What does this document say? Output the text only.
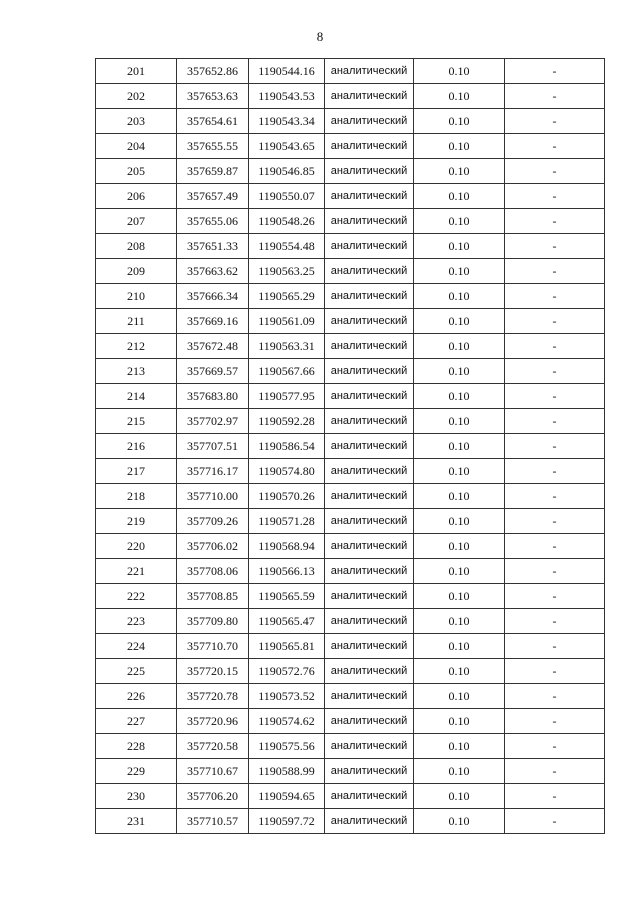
8
201	357652.86	1190544.16	аналитический	0.10	-
202	357653.63	1190543.53	аналитический	0.10	-
203	357654.61	1190543.34	аналитический	0.10	-
204	357655.55	1190543.65	аналитический	0.10	-
205	357659.87	1190546.85	аналитический	0.10	-
206	357657.49	1190550.07	аналитический	0.10	-
207	357655.06	1190548.26	аналитический	0.10	-
208	357651.33	1190554.48	аналитический	0.10	-
209	357663.62	1190563.25	аналитический	0.10	-
210	357666.34	1190565.29	аналитический	0.10	-
211	357669.16	1190561.09	аналитический	0.10	-
212	357672.48	1190563.31	аналитический	0.10	-
213	357669.57	1190567.66	аналитический	0.10	-
214	357683.80	1190577.95	аналитический	0.10	-
215	357702.97	1190592.28	аналитический	0.10	-
216	357707.51	1190586.54	аналитический	0.10	-
217	357716.17	1190574.80	аналитический	0.10	-
218	357710.00	1190570.26	аналитический	0.10	-
219	357709.26	1190571.28	аналитический	0.10	-
220	357706.02	1190568.94	аналитический	0.10	-
221	357708.06	1190566.13	аналитический	0.10	-
222	357708.85	1190565.59	аналитический	0.10	-
223	357709.80	1190565.47	аналитический	0.10	-
224	357710.70	1190565.81	аналитический	0.10	-
225	357720.15	1190572.76	аналитический	0.10	-
226	357720.78	1190573.52	аналитический	0.10	-
227	357720.96	1190574.62	аналитический	0.10	-
228	357720.58	1190575.56	аналитический	0.10	-
229	357710.67	1190588.99	аналитический	0.10	-
230	357706.20	1190594.65	аналитический	0.10	-
231	357710.57	1190597.72	аналитический	0.10	-
